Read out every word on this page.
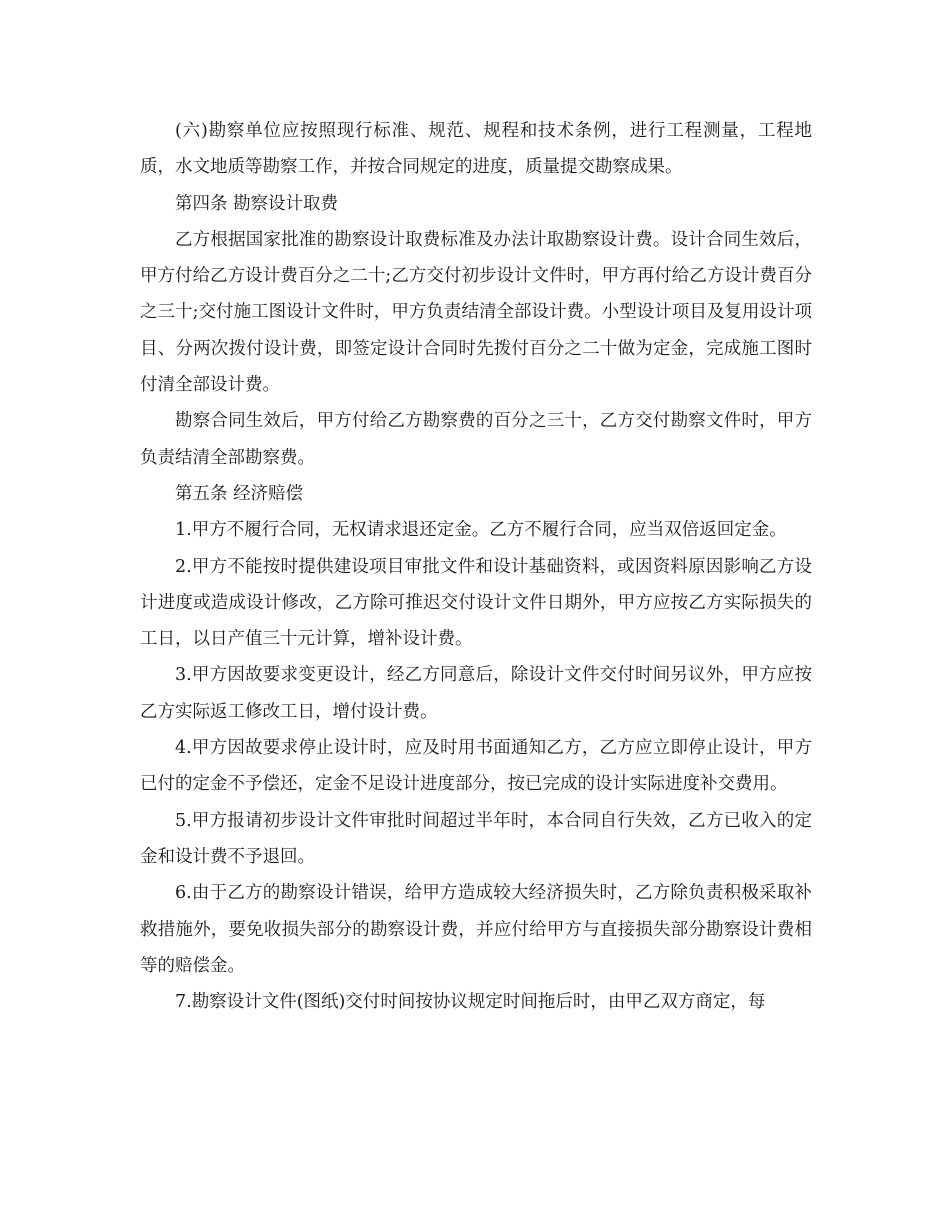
(六)勘察单位应按照现行标准、规范、规程和技术条例，进行工程测量，工程地质，水文地质等勘察工作，并按合同规定的进度，质量提交勘察成果。

第四条 勘察设计取费

乙方根据国家批准的勘察设计取费标准及办法计取勘察设计费。设计合同生效后，甲方付给乙方设计费百分之二十;乙方交付初步设计文件时，甲方再付给乙方设计费百分之三十;交付施工图设计文件时，甲方负责结清全部设计费。小型设计项目及复用设计项目、分两次拨付设计费，即签定设计合同时先拨付百分之二十做为定金，完成施工图时付清全部设计费。

勘察合同生效后，甲方付给乙方勘察费的百分之三十，乙方交付勘察文件时，甲方负责结清全部勘察费。

第五条 经济赔偿

1.甲方不履行合同，无权请求退还定金。乙方不履行合同，应当双倍返回定金。

2.甲方不能按时提供建设项目审批文件和设计基础资料，或因资料原因影响乙方设计进度或造成设计修改，乙方除可推迟交付设计文件日期外，甲方应按乙方实际损失的工日，以日产值三十元计算，增补设计费。

3.甲方因故要求变更设计，经乙方同意后，除设计文件交付时间另议外，甲方应按乙方实际返工修改工日，增付设计费。

4.甲方因故要求停止设计时，应及时用书面通知乙方，乙方应立即停止设计，甲方已付的定金不予偿还，定金不足设计进度部分，按已完成的设计实际进度补交费用。

5.甲方报请初步设计文件审批时间超过半年时，本合同自行失效，乙方已收入的定金和设计费不予退回。

6.由于乙方的勘察设计错误，给甲方造成较大经济损失时，乙方除负责积极采取补救措施外，要免收损失部分的勘察设计费，并应付给甲方与直接损失部分勘察设计费相等的赔偿金。

7.勘察设计文件(图纸)交付时间按协议规定时间拖后时，由甲乙双方商定，每
